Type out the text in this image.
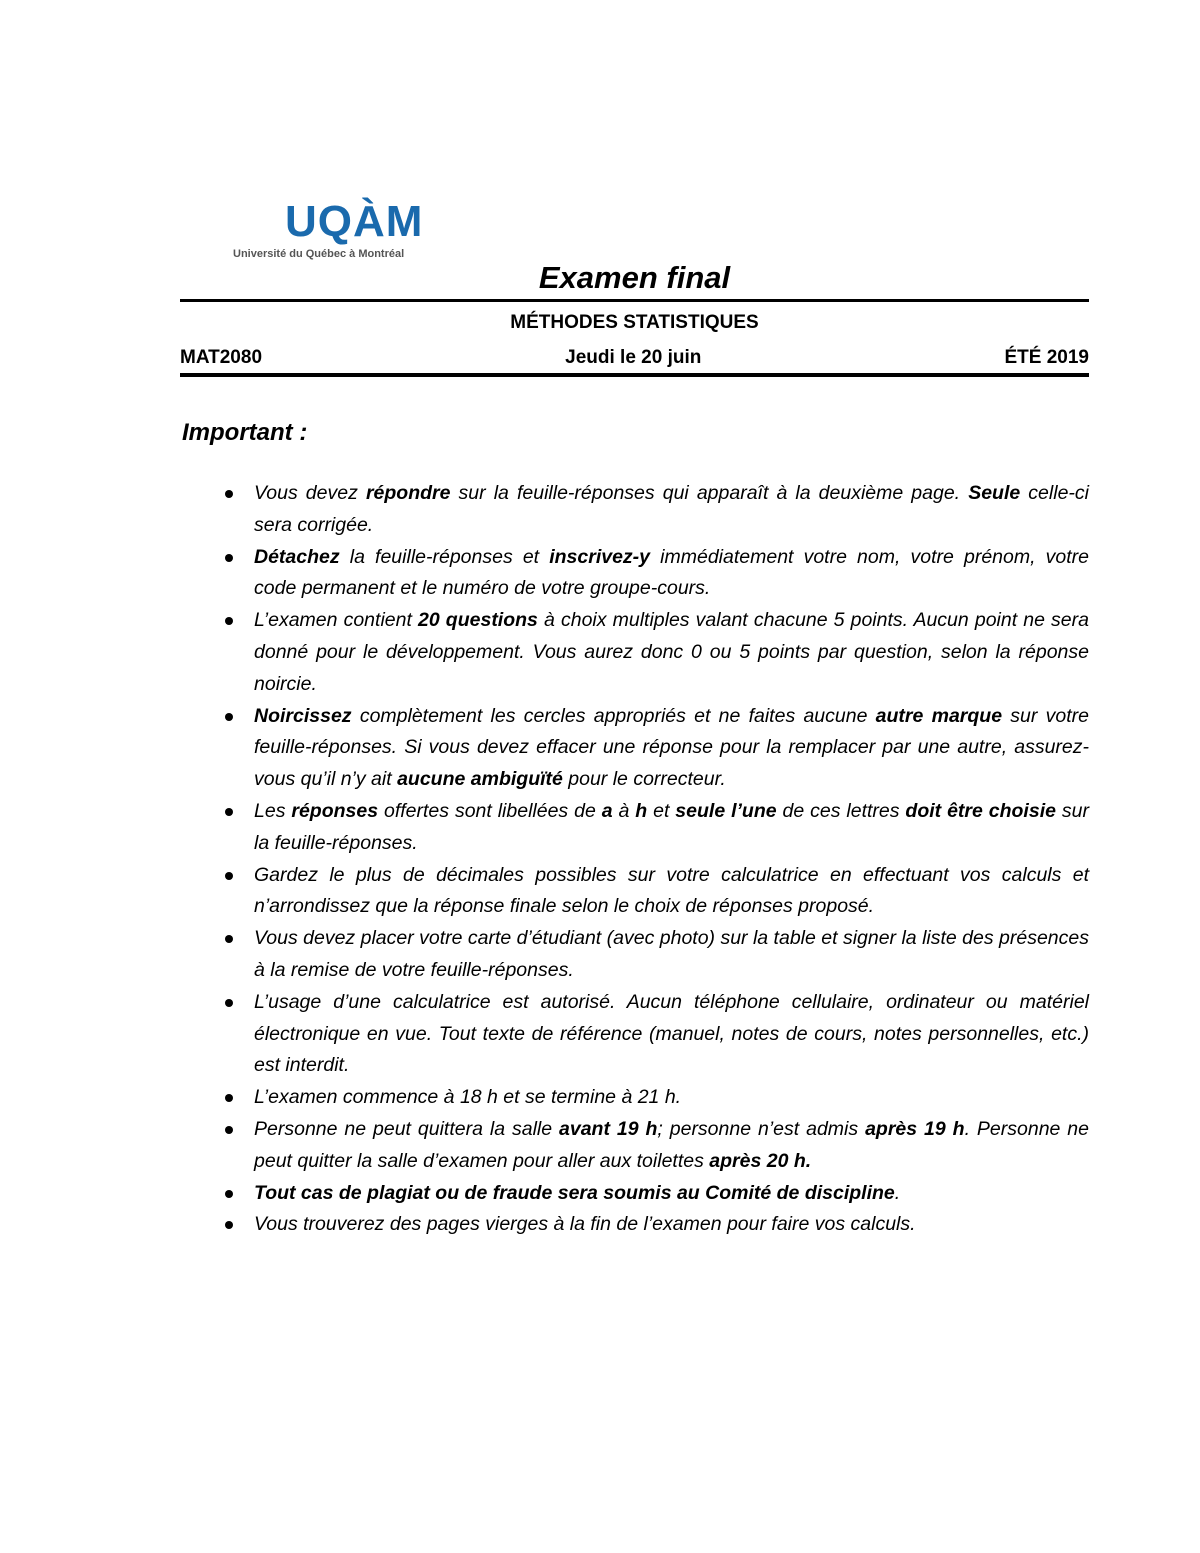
UQÀM
Université du Québec à Montréal
Examen final
MÉTHODES STATISTIQUES
MAT2080	Jeudi le 20 juin	ÉTÉ 2019
Important :
Vous devez répondre sur la feuille-réponses qui apparaît à la deuxième page. Seule celle-ci sera corrigée.
Détachez la feuille-réponses et inscrivez-y immédiatement votre nom, votre prénom, votre code permanent et le numéro de votre groupe-cours.
L’examen contient 20 questions à choix multiples valant chacune 5 points. Aucun point ne sera donné pour le développement. Vous aurez donc 0 ou 5 points par question, selon la réponse noircie.
Noircissez complètement les cercles appropriés et ne faites aucune autre marque sur votre feuille-réponses. Si vous devez effacer une réponse pour la remplacer par une autre, assurez-vous qu’il n’y ait aucune ambiguïté pour le correcteur.
Les réponses offertes sont libellées de a à h et seule l’une de ces lettres doit être choisie sur la feuille-réponses.
Gardez le plus de décimales possibles sur votre calculatrice en effectuant vos calculs et n’arrondissez que la réponse finale selon le choix de réponses proposé.
Vous devez placer votre carte d’étudiant (avec photo) sur la table et signer la liste des présences à la remise de votre feuille-réponses.
L’usage d’une calculatrice est autorisé. Aucun téléphone cellulaire, ordinateur ou matériel électronique en vue. Tout texte de référence (manuel, notes de cours, notes personnelles, etc.) est interdit.
L’examen commence à 18 h et se termine à 21 h.
Personne ne peut quittera la salle avant 19 h; personne n’est admis après 19 h. Personne ne peut quitter la salle d’examen pour aller aux toilettes après 20 h.
Tout cas de plagiat ou de fraude sera soumis au Comité de discipline.
Vous trouverez des pages vierges à la fin de l’examen pour faire vos calculs.
